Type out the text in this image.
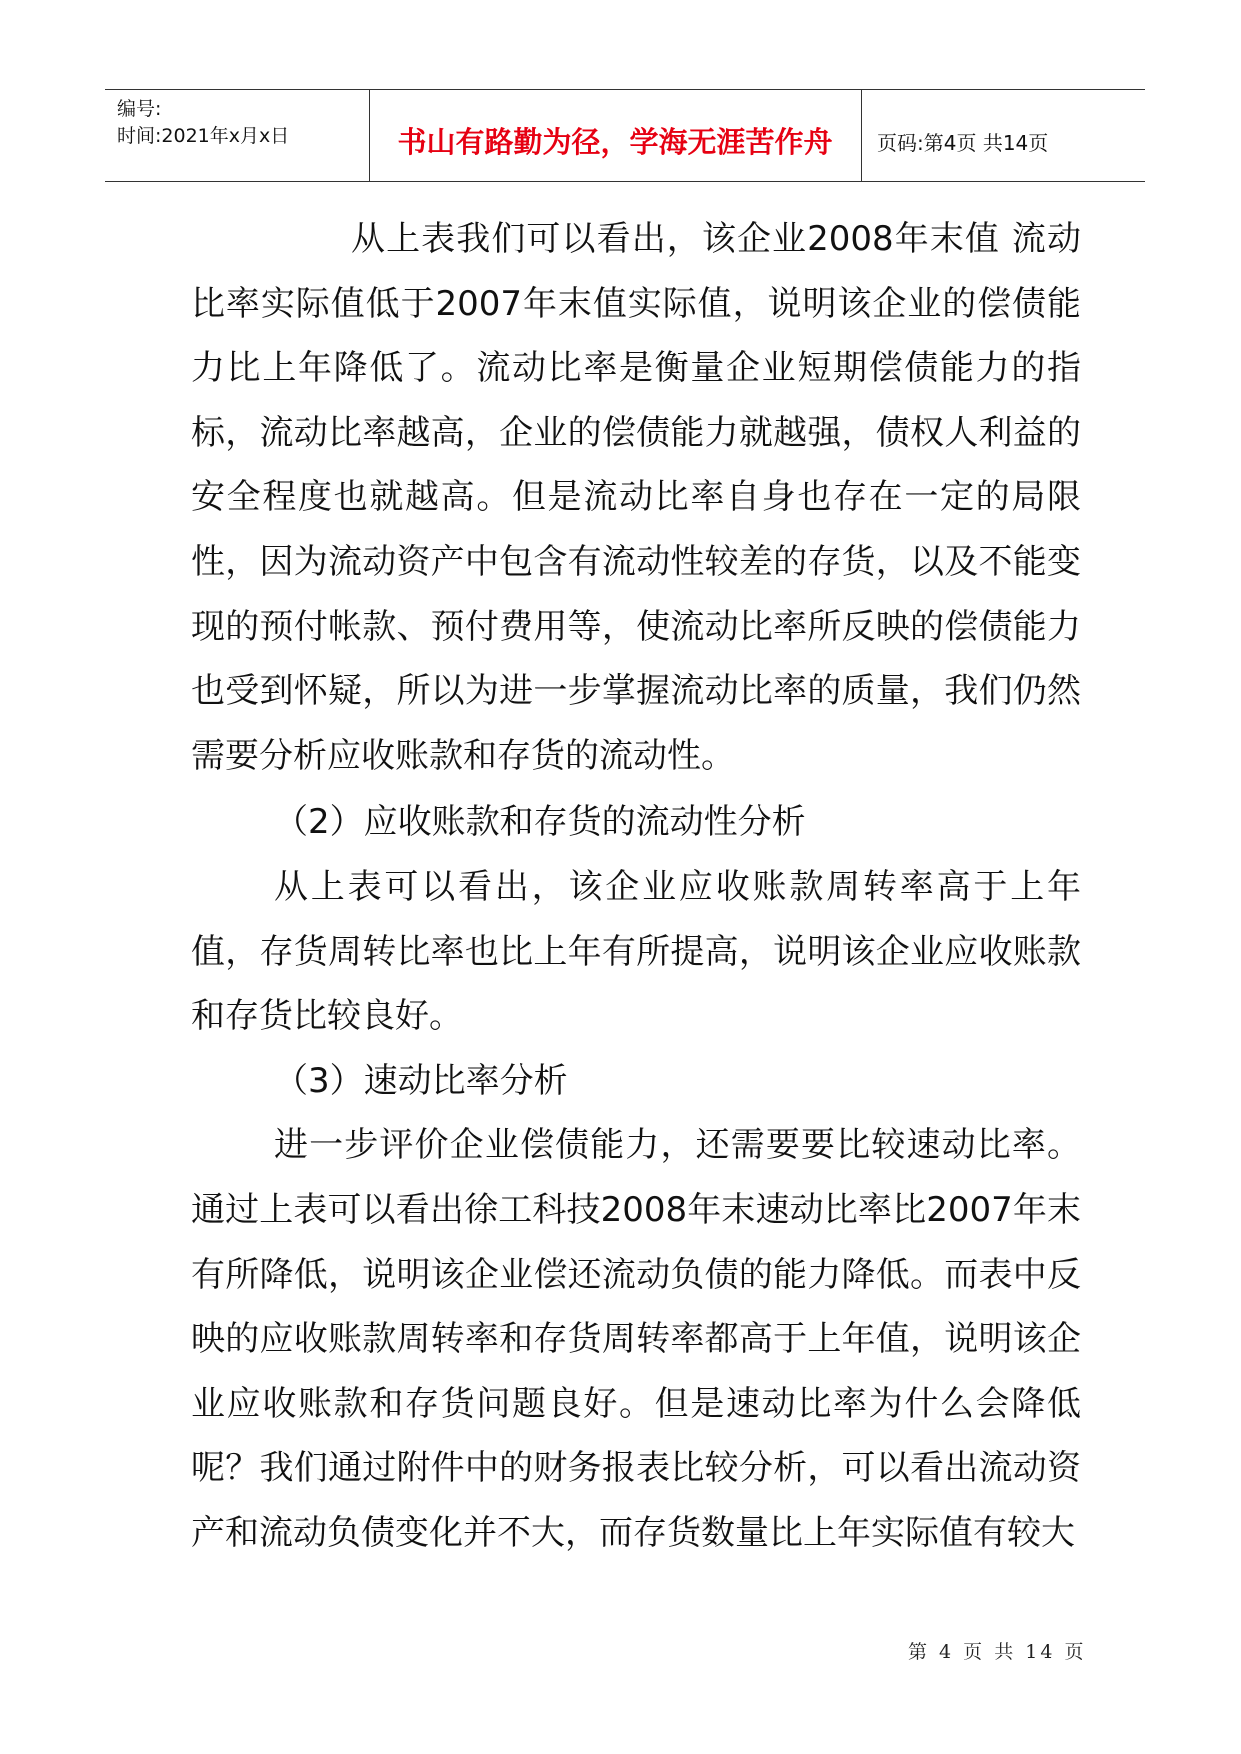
编号:
时间:2021年x月x日	书山有路勤为径，学海无涯苦作舟	页码:第4页 共14页

从上表我们可以看出，该企业2008年末值 流动比率实际值低于2007年末值实际值，说明该企业的偿债能力比上年降低了。流动比率是衡量企业短期偿债能力的指标，流动比率越高，企业的偿债能力就越强，债权人利益的安全程度也就越高。但是流动比率自身也存在一定的局限性，因为流动资产中包含有流动性较差的存货，以及不能变现的预付帐款、预付费用等，使流动比率所反映的偿债能力也受到怀疑，所以为进一步掌握流动比率的质量，我们仍然需要分析应收账款和存货的流动性。

（2）应收账款和存货的流动性分析

从上表可以看出，该企业应收账款周转率高于上年值，存货周转比率也比上年有所提高，说明该企业应收账款和存货比较良好。

（3）速动比率分析

进一步评价企业偿债能力，还需要要比较速动比率。通过上表可以看出徐工科技2008年末速动比率比2007年末有所降低，说明该企业偿还流动负债的能力降低。而表中反映的应收账款周转率和存货周转率都高于上年值，说明该企业应收账款和存货问题良好。但是速动比率为什么会降低呢？我们通过附件中的财务报表比较分析，可以看出流动资产和流动负债变化并不大，而存货数量比上年实际值有较大

第 4 页 共 14 页
